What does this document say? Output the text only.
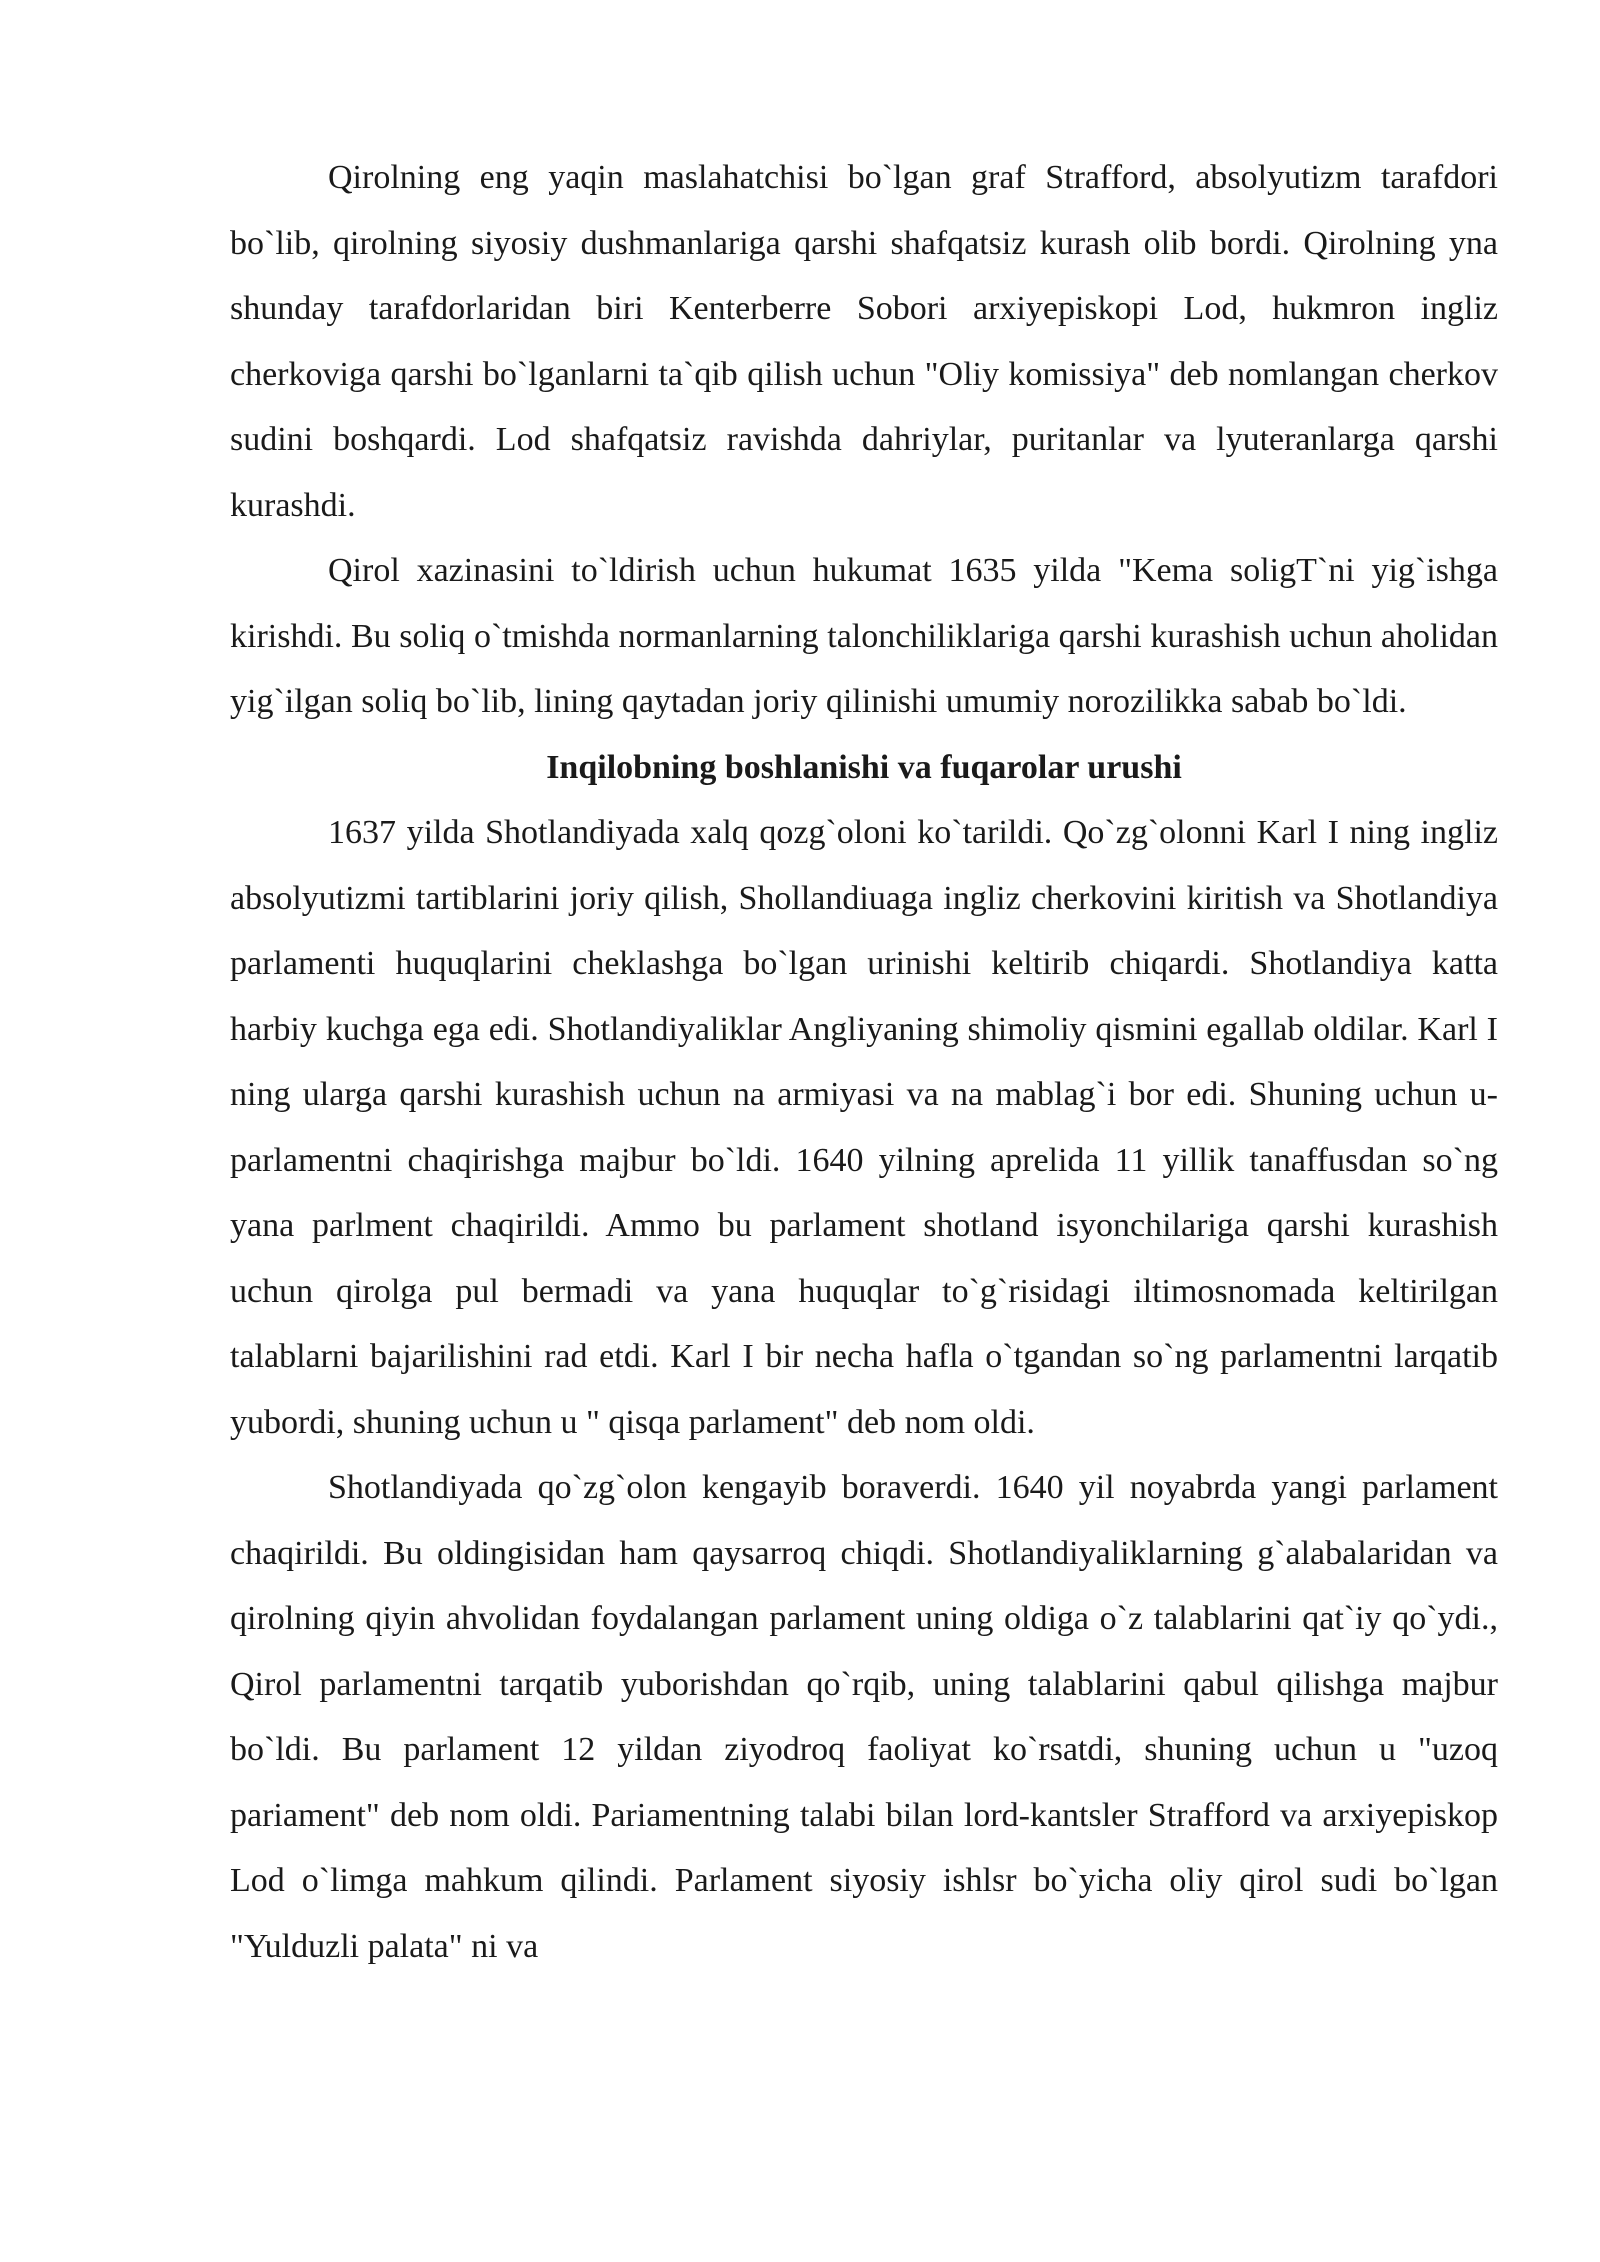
Qirolning eng yaqin maslahatchisi bo`lgan graf Strafford, absolyutizm tarafdori bo`lib, qirolning siyosiy dushmanlariga qarshi shafqatsiz kurash olib bordi. Qirolning yna shunday tarafdorlaridan biri Kenterberre Sobori arxiyepiskopi Lod, hukmron ingliz cherkoviga qarshi bo`lganlarni ta`qib qilish uchun "Oliy komissiya" deb nomlangan cherkov sudini boshqardi. Lod shafqatsiz ravishda dahriylar, puritanlar va lyuteranlarga qarshi kurashdi.

Qirol xazinasini to`ldirish uchun hukumat 1635 yilda "Kema soligT`ni yig`ishga kirishdi. Bu soliq o`tmishda normanlarning talonchiliklariga qarshi kurashish uchun aholidan yig`ilgan soliq bo`lib, lining qaytadan joriy qilinishi umumiy norozilikka sabab bo`ldi.

Inqilobning boshlanishi va fuqarolar urushi

1637 yilda Shotlandiyada xalq qozg`oloni ko`tarildi. Qo`zg`olonni Karl I ning ingliz absolyutizmi tartiblarini joriy qilish, Shollandiuaga ingliz cherkovini kiritish va Shotlandiya parlamenti huquqlarini cheklashga bo`lgan urinishi keltirib chiqardi. Shotlandiya katta harbiy kuchga ega edi. Shotlandiyaliklar Angliyaning shimoliy qismini egallab oldilar. Karl I ning ularga qarshi kurashish uchun na armiyasi va na mablag`i bor edi. Shuning uchun u-parlamentni chaqirishga majbur bo`ldi. 1640 yilning aprelida 11 yillik tanaffusdan so`ng yana parlment chaqirildi. Ammo bu parlament shotland isyonchilariga qarshi kurashish uchun qirolga pul bermadi va yana huquqlar to`g`risidagi iltimosnomada keltirilgan talablarni bajarilishini rad etdi. Karl I bir necha hafla o`tgandan so`ng parlamentni larqatib yubordi, shuning uchun u " qisqa parlament" deb nom oldi.

Shotlandiyada qo`zg`olon kengayib boraverdi. 1640 yil noyabrda yangi parlament chaqirildi. Bu oldingisidan ham qaysarroq chiqdi. Shotlandiyaliklarning g`alabalaridan va qirolning qiyin ahvolidan foydalangan parlament uning oldiga o`z talablarini qat`iy qo`ydi., Qirol parlamentni tarqatib yuborishdan qo`rqib, uning talablarini qabul qilishga majbur bo`ldi. Bu parlament 12 yildan ziyodroq faoliyat ko`rsatdi, shuning uchun u "uzoq pariament" deb nom oldi. Pariamentning talabi bilan lord-kantsler Strafford va arxiyepiskop Lod o`limga mahkum qilindi. Parlament siyosiy ishlsr bo`yicha oliy qirol sudi bo`lgan "Yulduzli palata" ni va
